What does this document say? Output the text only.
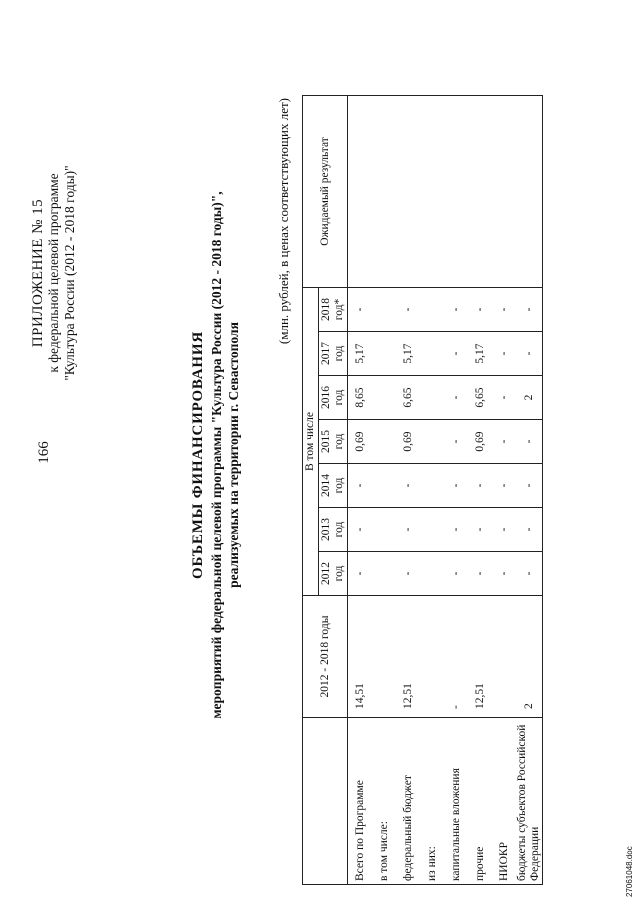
166
ПРИЛОЖЕНИЕ № 15 к федеральной целевой программе "Культура России (2012 - 2018 годы)"
ОБЪЕМЫ ФИНАНСИРОВАНИЯ мероприятий федеральной целевой программы "Культура России (2012 - 2018 годы)", реализуемых на территории г. Севастополя
(млн. рублей, в ценах соответствующих лет)
	2012 - 2018 годы	В том числе							Ожидаемый результат
		2012 год	2013 год	2014 год	2015 год	2016 год	2017 год	2018 год*	
Всего по Программе	14,51	-	-	-	0,69	8,65	5,17	-	
в том числе:									
федеральный бюджет	12,51	-	-	-	0,69	6,65	5,17	-	
из них:									
капитальные вложения	-	-	-	-	-	-	-	-	
прочие	12,51	-	-	-	0,69	6,65	5,17	-	
НИОКР		-	-	-	-	-	-	-	
бюджеты субъектов Российской Федерации	2	-	-	-	-	2	-	-	
27061048.doc
